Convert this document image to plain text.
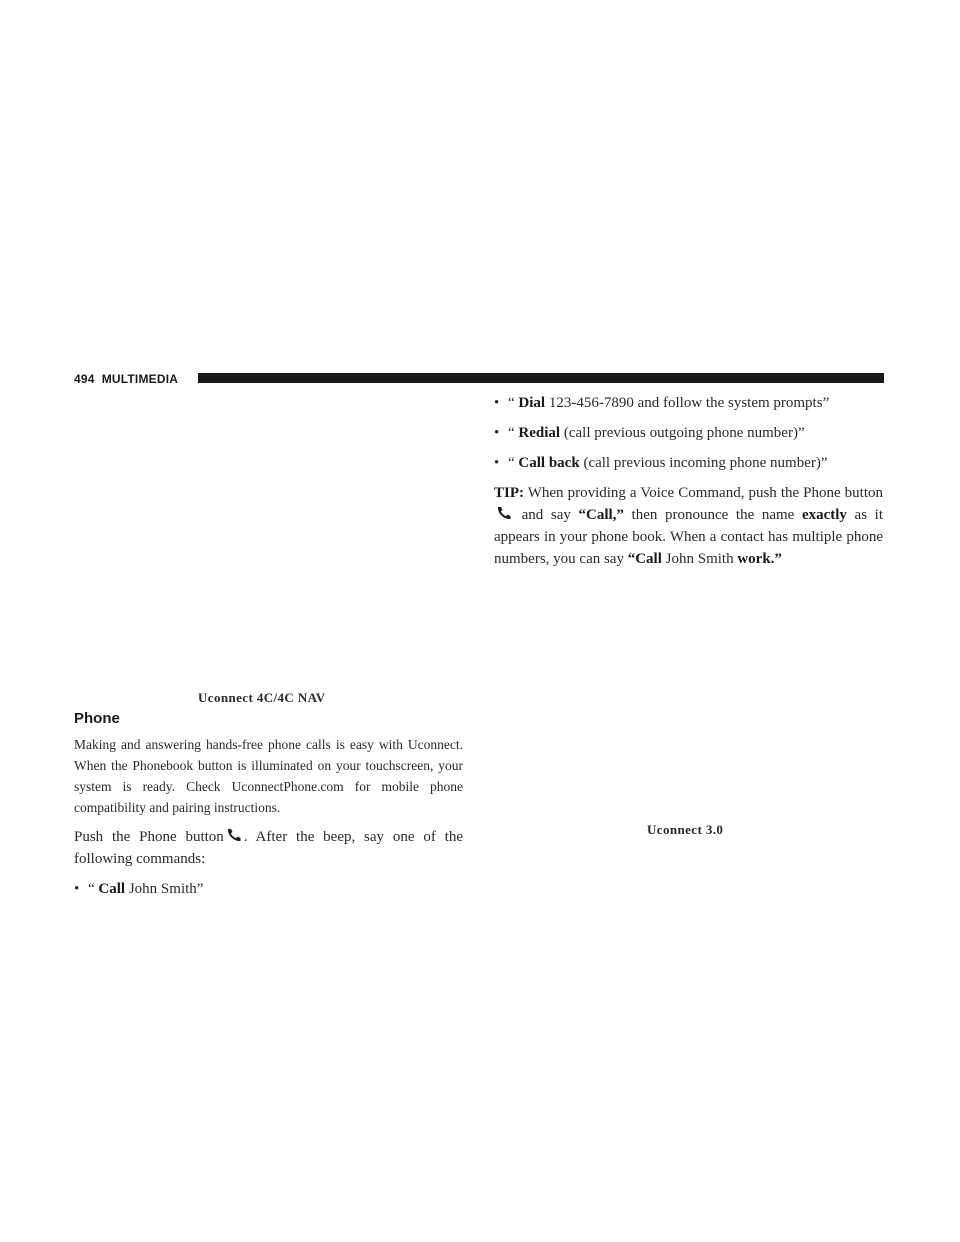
494 MULTIMEDIA
Uconnect 4C/4C NAV
Uconnect 3.0
Phone

Making and answering hands-free phone calls is easy with Uconnect. When the Phonebook button is illuminated on your touchscreen, your system is ready. Check UconnectPhone.com for mobile phone compatibility and pairing instructions.

Push the Phone button . After the beep, say one of the following commands:

• “ Call John Smith”
• “ Dial 123-456-7890 and follow the system prompts”
• “ Redial (call previous outgoing phone number)”
• “ Call back (call previous incoming phone number)”

TIP: When providing a Voice Command, push the Phone button
and say “Call,” then pronounce the name exactly as it appears in your phone book. When a contact has multiple phone numbers, you can say “Call John Smith work.”
